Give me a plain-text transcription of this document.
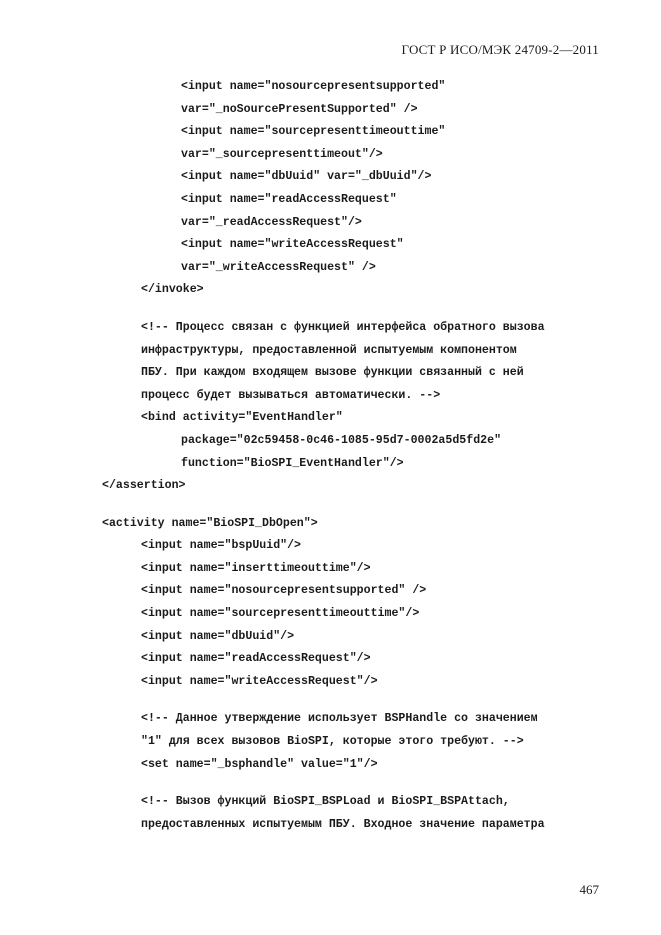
ГОСТ Р ИСО/МЭК 24709-2—2011
<input name="nosourcepresentsupported"
var="_noSourcePresentSupported" />
<input name="sourcepresenttimeouttime"
var="_sourcepresenttimeout"/>
<input name="dbUuid" var="_dbUuid"/>
<input name="readAccessRequest"
var="_readAccessRequest"/>
<input name="writeAccessRequest"
var="_writeAccessRequest" />
</invoke>
<!-- Процесс связан с функцией интерфейса обратного вызова
инфраструктуры, предоставленной испытуемым компонентом
ПБУ. При каждом входящем вызове функции связанный с ней
процесс будет вызываться автоматически. -->
<bind activity="EventHandler"
package="02c59458-0c46-1085-95d7-0002a5d5fd2e"
function="BioSPI_EventHandler"/>
</assertion>
<activity name="BioSPI_DbOpen">
<input name="bspUuid"/>
<input name="inserttimeouttime"/>
<input name="nosourcepresentsupported" />
<input name="sourcepresenttimeouttime"/>
<input name="dbUuid"/>
<input name="readAccessRequest"/>
<input name="writeAccessRequest"/>
<!-- Данное утверждение использует BSPHandle со значением
"1" для всех вызовов BioSPI, которые этого требуют. -->
<set name="_bsphandle" value="1"/>
<!-- Вызов функций BioSPI_BSPLoad и BioSPI_BSPAttach,
предоставленных испытуемым ПБУ. Входное значение параметра
467
